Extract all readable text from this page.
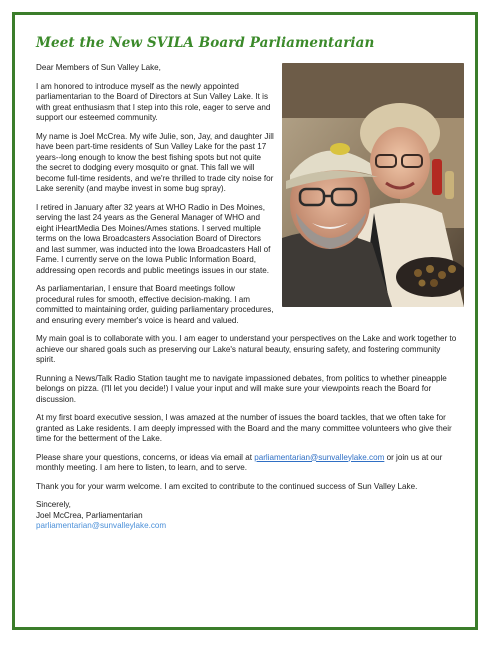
Meet the New SVILA Board Parliamentarian

Dear Members of Sun Valley Lake,

I am honored to introduce myself as the newly appointed parliamentarian to the Board of Directors at Sun Valley Lake. It is with great enthusiasm that I step into this role, eager to serve and support our esteemed community.

My name is Joel McCrea. My wife Julie, son, Jay, and daughter Jill have been part-time residents of Sun Valley Lake for the past 17 years--long enough to know the best fishing spots but not quite the secret to dodging every mosquito or gnat. This fall we will become full-time residents, and we're thrilled to trade city noise for Lake serenity (and maybe invest in some bug spray).

I retired in January after 32 years at WHO Radio in Des Moines, serving the last 24 years as the General Manager of WHO and eight iHeartMedia Des Moines/Ames stations. I served multiple terms on the Iowa Broadcasters Association Board of Directors and last summer, was inducted into the Iowa Broadcasters Hall of Fame. I currently serve on the Iowa Public Information Board, addressing open records and public meetings issues in our state.

As parliamentarian, I ensure that Board meetings follow procedural rules for smooth, effective decision-making. I am committed to maintaining order, guiding parliamentary procedures, and ensuring every member's voice is heard and valued.

My main goal is to collaborate with you. I am eager to understand your perspectives on the Lake and work together to achieve our shared goals such as preserving our Lake's natural beauty, ensuring safety, and fostering community spirit.

Running a News/Talk Radio Station taught me to navigate impassioned debates, from politics to whether pineapple belongs on pizza. (I'll let you decide!) I value your input and will make sure your viewpoints reach the Board for discussion.

At my first board executive session, I was amazed at the number of issues the board tackles, that we often take for granted as Lake residents. I am deeply impressed with the Board and the many committee volunteers who give their time for the betterment of the Lake.

Please share your questions, concerns, or ideas via email at parliamentarian@sunvalleylake.com or join us at our monthly meeting. I am here to listen, to learn, and to serve.

Thank you for your warm welcome. I am excited to contribute to the continued success of Sun Valley Lake.

Sincerely,
Joel McCrea, Parliamentarian
parliamentarian@sunvalleylake.com
